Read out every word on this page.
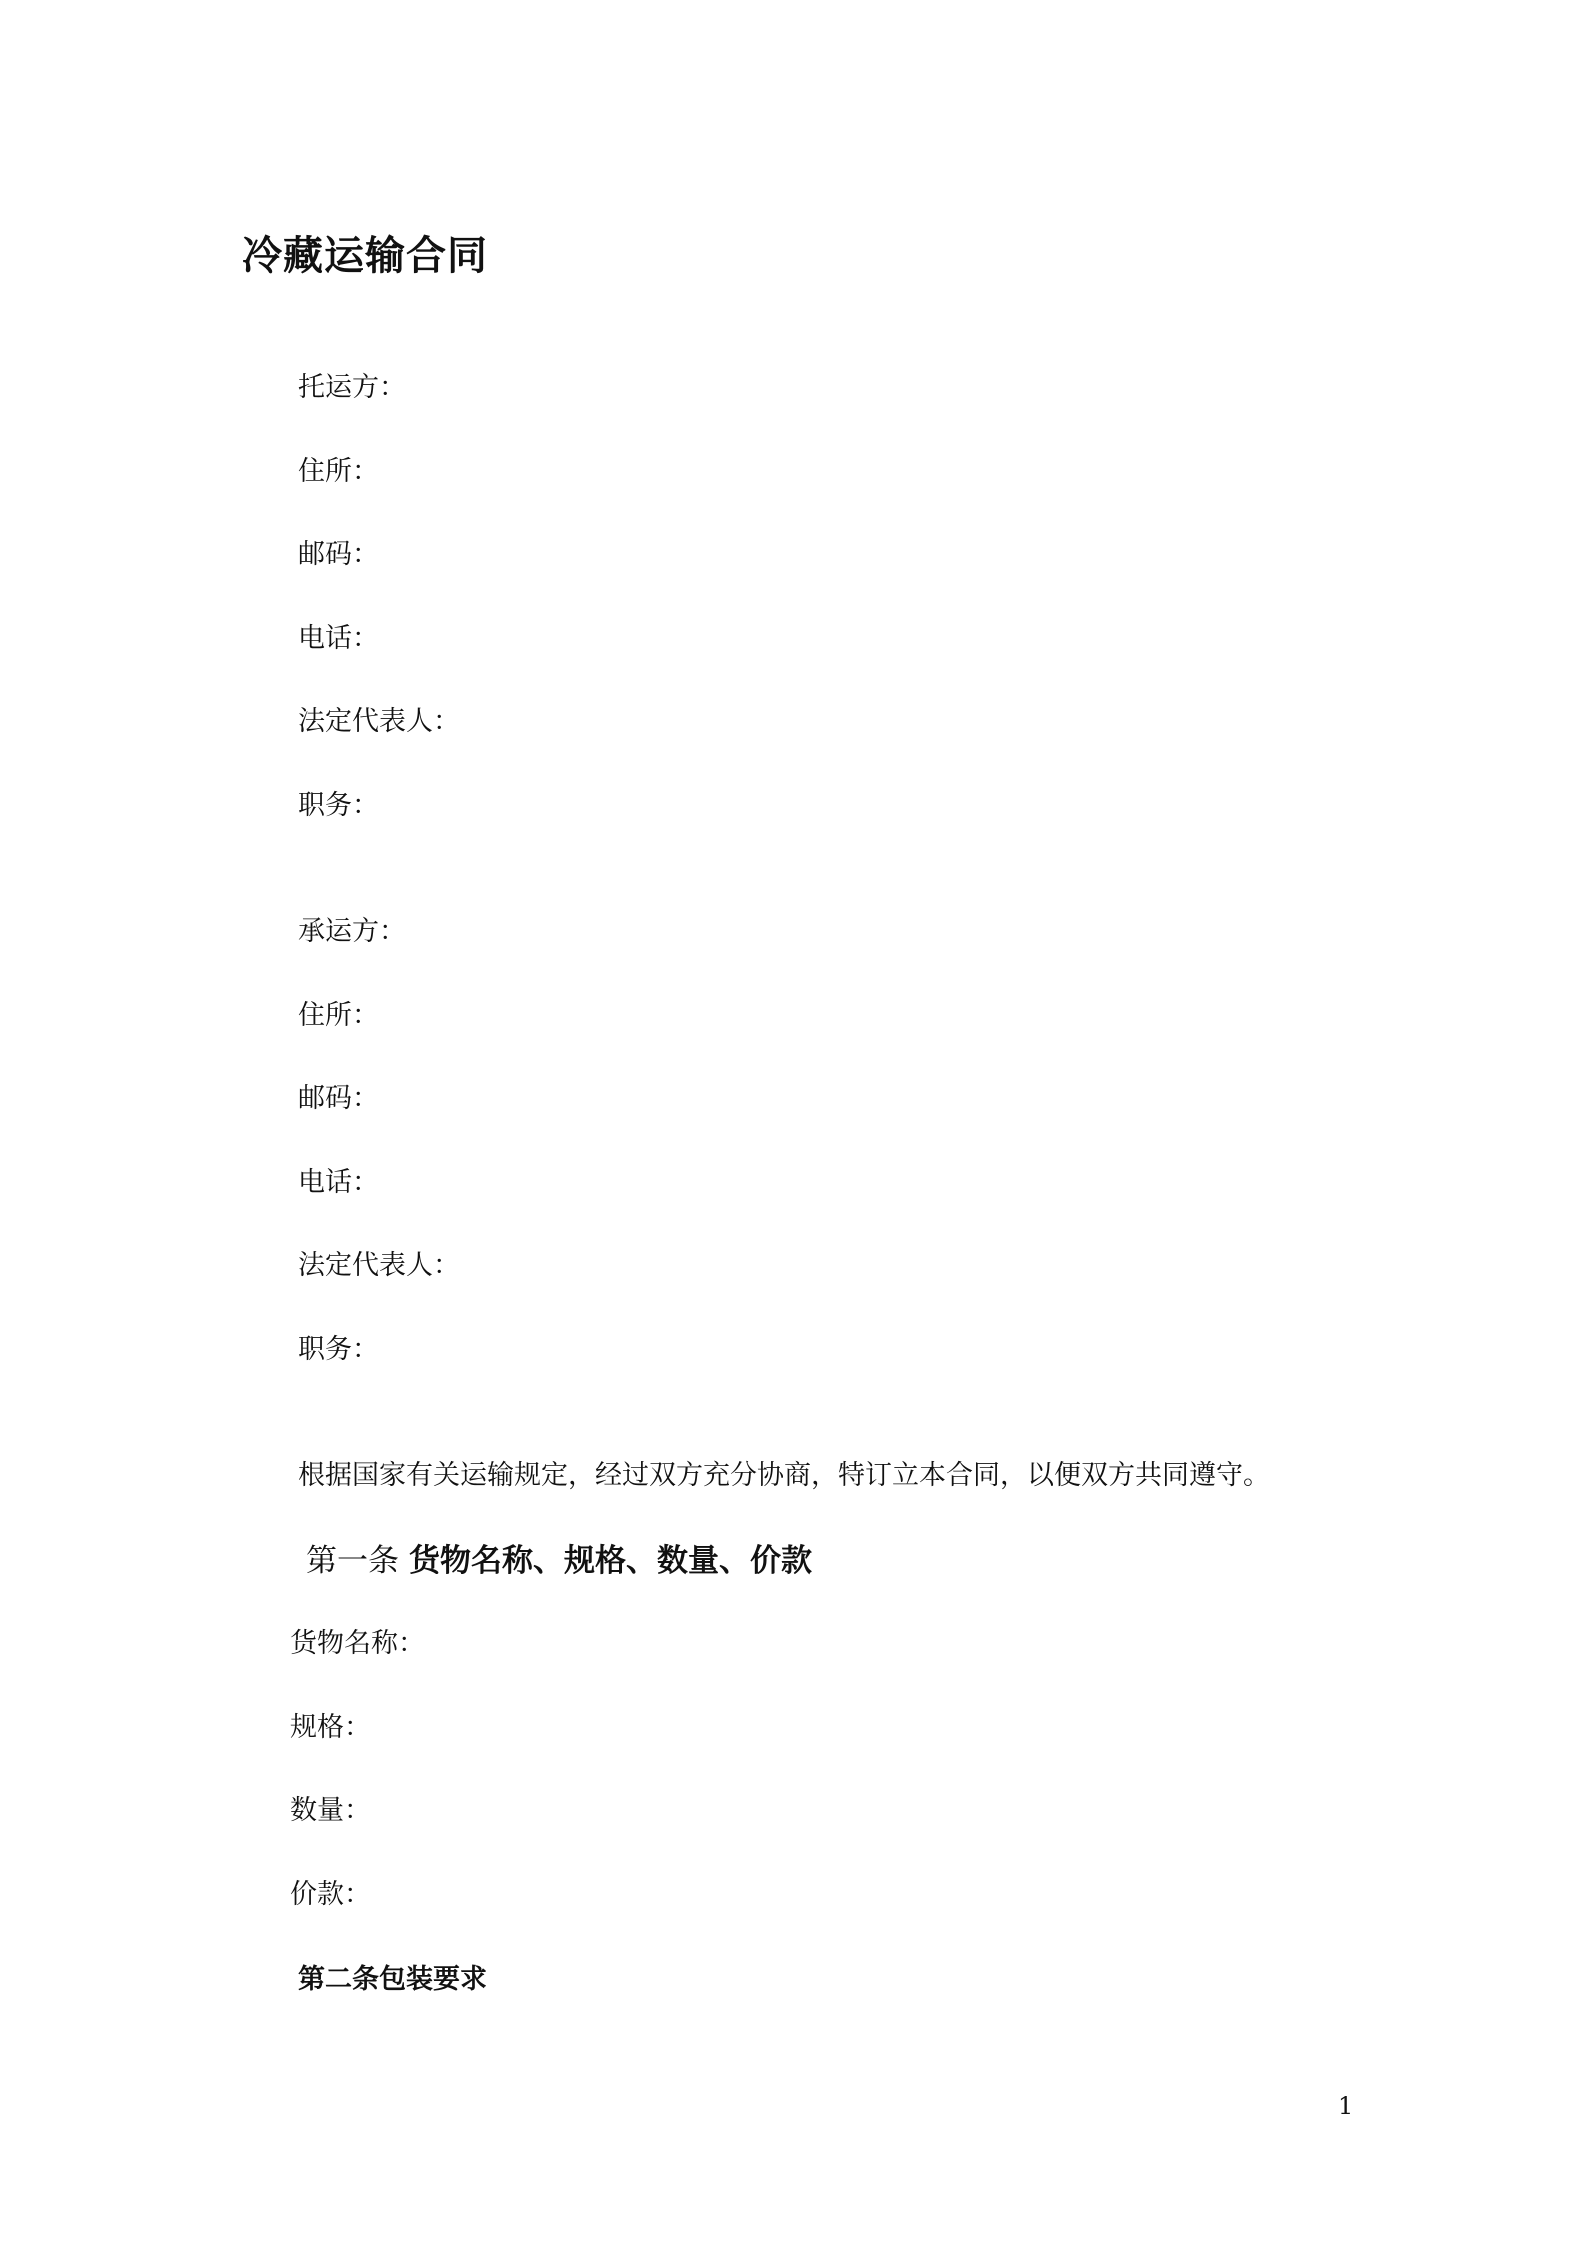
冷藏运输合同

托运方：

住所：

邮码：

电话：

法定代表人：

职务：

承运方：

住所：

邮码：

电话：

法定代表人：

职务：

根据国家有关运输规定，经过双方充分协商，特订立本合同，以便双方共同遵守。

第一条 货物名称、规格、数量、价款

货物名称：

规格：

数量：

价款：

第二条包装要求

1
